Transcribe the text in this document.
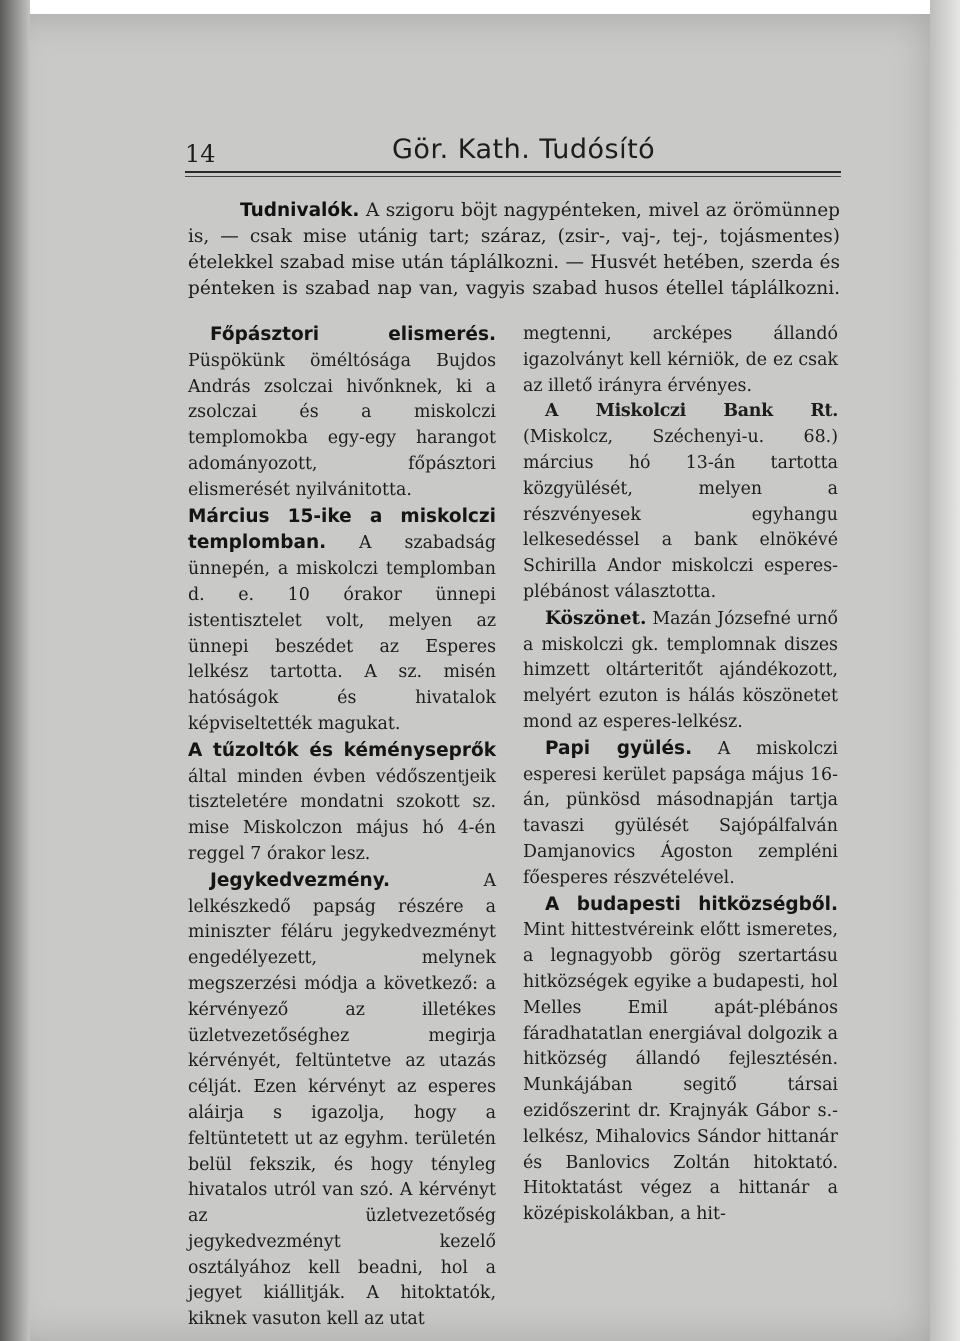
14	Gör. Kath. Tudósító

Tudnivalók. A szigoru böjt nagypénteken, mivel az örömünnep is, — csak mise utánig tart; száraz, (zsir-, vaj-, tej-, tojásmentes) ételekkel szabad mise után táplálkozni. — Husvét hetében, szerda és pénteken is szabad nap van, vagyis szabad husos étellel táplálkozni.

Főpásztori elismerés. Püspökünk öméltósága Bujdos András zsolczai hivőnknek, ki a zsolczai és a miskolczi templomokba egy-egy harangot adományozott, főpásztori elismerését nyilvánitotta.

Március 15-ike a miskolczi templomban. A szabadság ünnepén, a miskolczi templomban d. e. 10 órakor ünnepi istentisztelet volt, melyen az ünnepi beszédet az Esperes lelkész tartotta. A sz. misén hatóságok és hivatalok képviseltették magukat.

A tűzoltók és kéményseprők által minden évben védőszentjeik tiszteletére mondatni szokott sz. mise Miskolczon május hó 4-én reggel 7 órakor lesz.

Jegykedvezmény.	A lelkészkedő papság részére a miniszter féláru jegykedvezményt engedélyezett, melynek megszerzési módja a következő: a kérvényező az illetékes üzletvezetőséghez megirja kérvényét, feltüntetve az utazás célját. Ezen kérvényt az esperes aláirja s igazolja, hogy a feltüntetett ut az egyhm. területén belül fekszik, és hogy tényleg hivatalos utról van szó. A kérvényt az üzletvezetőség jegykedvezményt kezelő osztályához kell beadni, hol a jegyet kiállitják. A hitoktatók, kiknek vasuton kell az utat

megtenni, arcképes állandó igazolványt kell kérniök, de ez csak az illető irányra érvényes.

A Miskolczi Bank Rt. (Miskolcz, Széchenyi-u. 68.) március hó 13-án tartotta közgyülését, melyen a részvényesek egyhangu lelkesedéssel a bank elnökévé Schirilla Andor miskolczi esperes-plébánost választotta.

Köszönet. Mazán Józsefné urnő a miskolczi gk. templomnak diszes himzett oltárteritőt ajándékozott, melyért ezuton is hálás köszönetet mond az esperes-lelkész.

Papi gyülés. A miskolczi esperesi kerület papsága május 16-án, pünkösd másodnapján tartja tavaszi gyülését Sajópálfalván Damjanovics Ágoston zempléni főesperes részvételével.

A budapesti hitközségből. Mint hittestvéreink előtt ismeretes, a legnagyobb görög szertartásu hitközségek egyike a budapesti, hol Melles Emil apát-plébános fáradhatatlan energiával dolgozik a hitközség állandó fejlesztésén. Munkájában segitő társai ezidőszerint dr. Krajnyák Gábor s.-lelkész, Mihalovics Sándor hittanár és Banlovics Zoltán hitoktató. Hitoktatást végez a hittanár a középiskolákban, a hit-
